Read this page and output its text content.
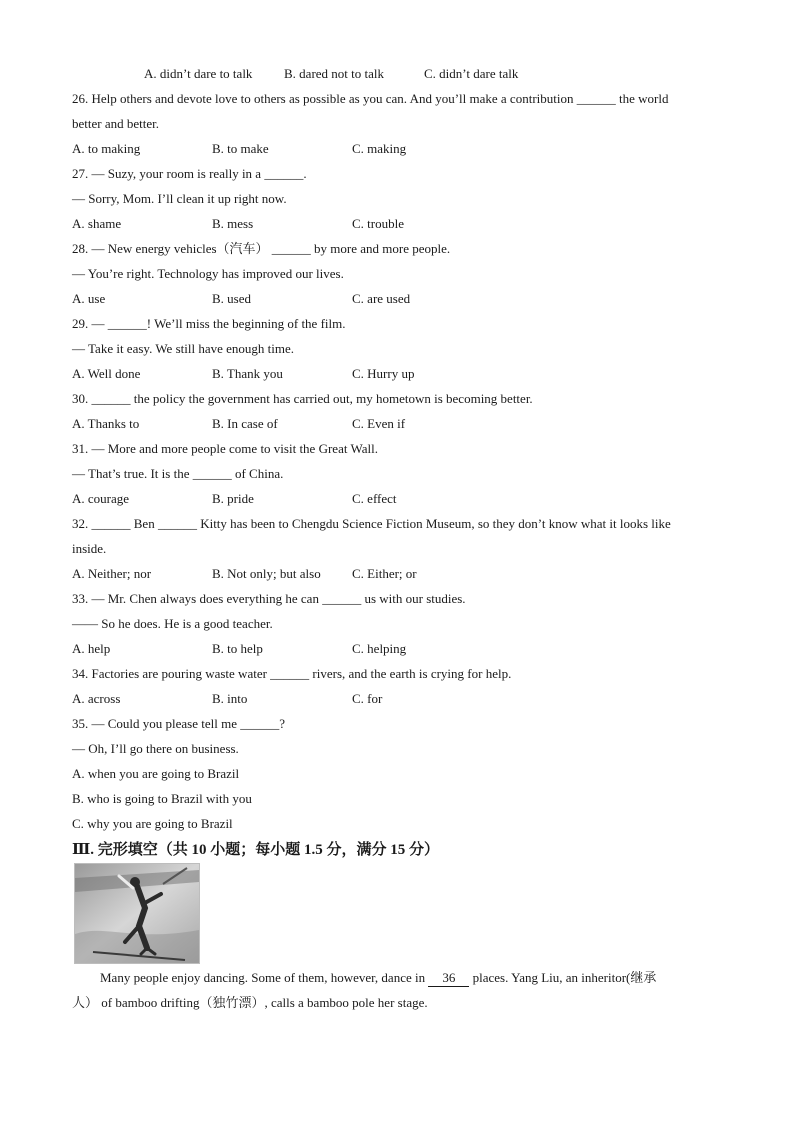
A. didn’t dare to talk B. dared not to talk	C. didn’t dare talk
26. Help others and devote love to others as possible as you can. And you’ll make a contribution ______ the world
better and better.
A. to making	B. to make	C. making
27. — Suzy, your room is really in a ______.
— Sorry, Mom. I’ll clean it up right now.
A. shame	B. mess	C. trouble
28. — New energy vehicles（汽车） ______ by more and more people.
— You’re right. Technology has improved our lives.
A. use	B. used	C. are used
29. — ______! We’ll miss the beginning of the film.
— Take it easy. We still have enough time.
A. Well done	B. Thank you	C. Hurry up
30. ______ the policy the government has carried out, my hometown is becoming better.
A. Thanks to	B. In case of	C. Even if
31. — More and more people come to visit the Great Wall.
— That’s true. It is the ______ of China.
A. courage	B. pride	C. effect
32. ______ Ben ______ Kitty has been to Chengdu Science Fiction Museum, so they don’t know what it looks like
inside.
A. Neither; nor	B. Not only; but also C. Either; or
33. — Mr. Chen always does everything he can ______ us with our studies.
—— So he does. He is a good teacher.
A. help	B. to help	C. helping
34. Factories are pouring waste water ______ rivers, and the earth is crying for help.
A. across	B. into	C. for
35. — Could you please tell me ______?
— Oh, I’ll go there on business.
A. when you are going to Brazil
B. who is going to Brazil with you
C. why you are going to Brazil
Ⅲ. 完形填空（共 10 小题；每小题 1.5 分，满分 15 分）
Many people enjoy dancing. Some of them, however, dance in 36 places. Yang Liu, an inheritor(继承
人） of bamboo drifting（独竹漂）, calls a bamboo pole her stage.
